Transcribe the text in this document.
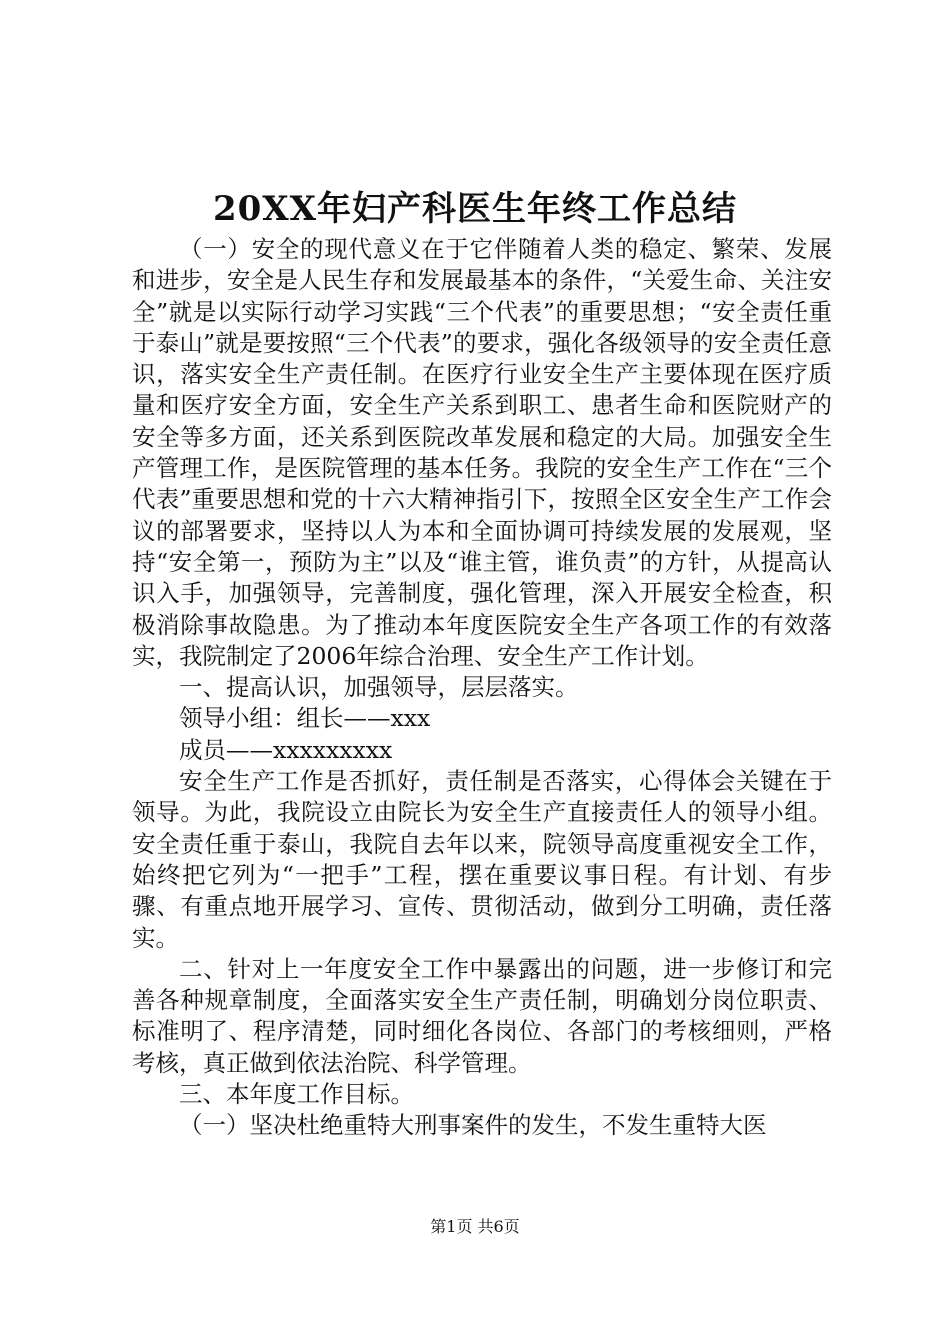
20XX年妇产科医生年终工作总结

（一）安全的现代意义在于它伴随着人类的稳定、繁荣、发展和进步，安全是人民生存和发展最基本的条件，“关爱生命、关注安全”就是以实际行动学习实践“三个代表”的重要思想；“安全责任重于泰山”就是要按照“三个代表”的要求，强化各级领导的安全责任意识，落实安全生产责任制。在医疗行业安全生产主要体现在医疗质量和医疗安全方面，安全生产关系到职工、患者生命和医院财产的安全等多方面，还关系到医院改革发展和稳定的大局。加强安全生产管理工作，是医院管理的基本任务。我院的安全生产工作在“三个代表”重要思想和党的十六大精神指引下，按照全区安全生产工作会议的部署要求，坚持以人为本和全面协调可持续发展的发展观，坚持“安全第一，预防为主”以及“谁主管，谁负责”的方针，从提高认识入手，加强领导，完善制度，强化管理，深入开展安全检查，积极消除事故隐患。为了推动本年度医院安全生产各项工作的有效落实，我院制定了2006年综合治理、安全生产工作计划。

一、提高认识，加强领导，层层落实。

领导小组：组长——xxx

成员——xxxxxxxxx

安全生产工作是否抓好，责任制是否落实，心得体会关键在于领导。为此，我院设立由院长为安全生产直接责任人的领导小组。安全责任重于泰山，我院自去年以来，院领导高度重视安全工作，始终把它列为“一把手”工程，摆在重要议事日程。有计划、有步骤、有重点地开展学习、宣传、贯彻活动，做到分工明确，责任落实。

二、针对上一年度安全工作中暴露出的问题，进一步修订和完善各种规章制度，全面落实安全生产责任制，明确划分岗位职责、标准明了、程序清楚，同时细化各岗位、各部门的考核细则，严格考核，真正做到依法治院、科学管理。

三、本年度工作目标。

（一）坚决杜绝重特大刑事案件的发生，不发生重特大医

第1页 共6页
